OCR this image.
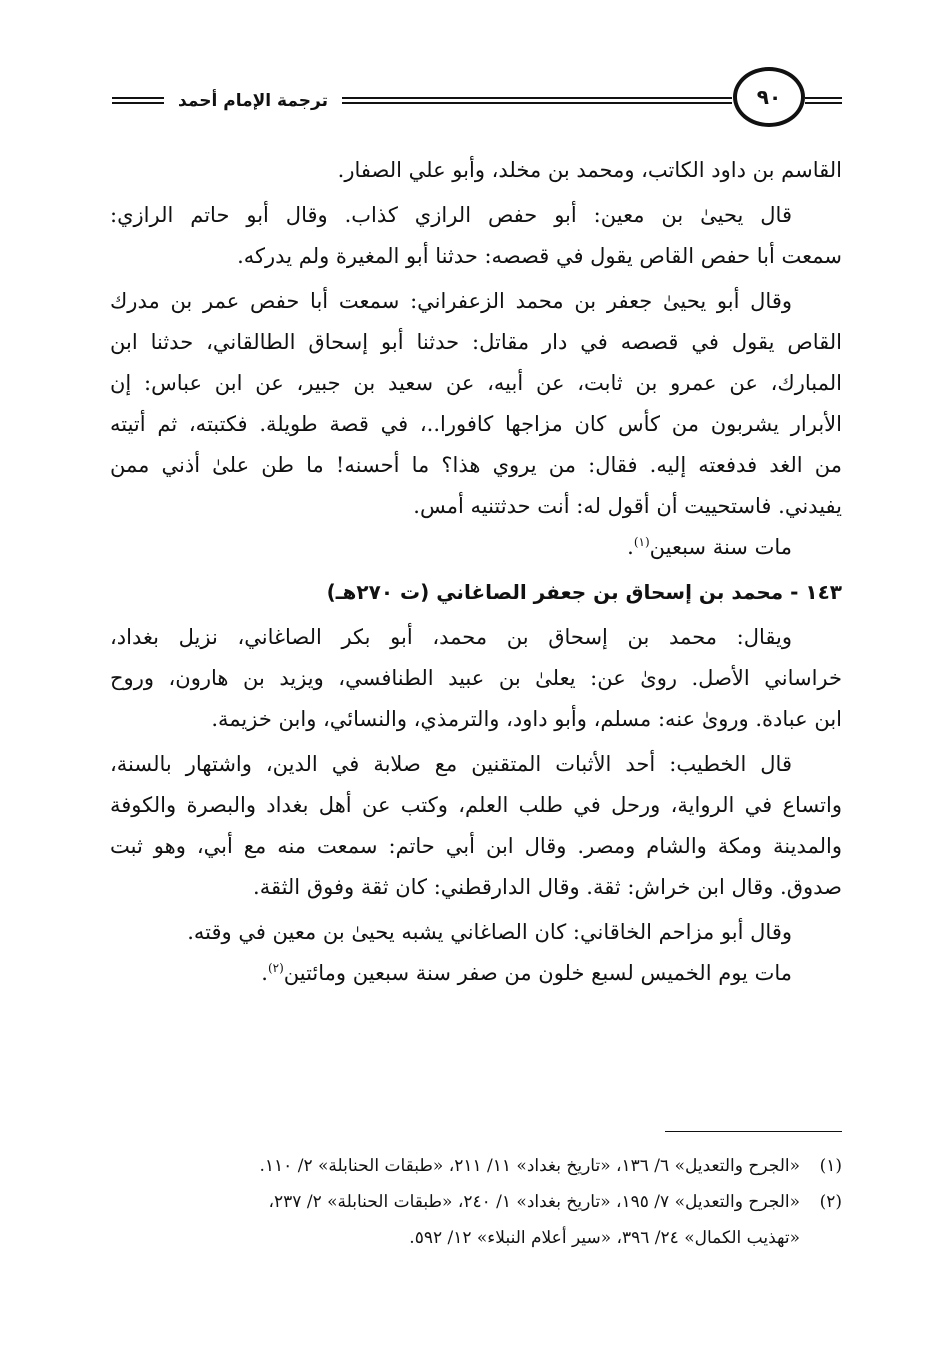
ترجمة الإمام أحمد	٩٠
القاسم بن داود الكاتب، ومحمد بن مخلد، وأبو علي الصفار.
قال يحيىٰ بن معين: أبو حفص الرازي كذاب. وقال أبو حاتم الرازي:
سمعت أبا حفص القاص يقول في قصصه: حدثنا أبو المغيرة ولم يدركه.
وقال أبو يحيىٰ جعفر بن محمد الزعفراني: سمعت أبا حفص عمر بن مدرك
القاص يقول في قصصه في دار مقاتل: حدثنا أبو إسحاق الطالقاني، حدثنا ابن
المبارك، عن عمرو بن ثابت، عن أبيه، عن سعيد بن جبير، عن ابن عباس: إن
الأبرار يشربون من كأس كان مزاجها كافورا..، في قصة طويلة. فكتبته، ثم أتيته
من الغد فدفعته إليه. فقال: من يروي هذا؟ ما أحسنه! ما طن علىٰ أذني ممن
يفيدني. فاستحييت أن أقول له: أنت حدثتنيه أمس.
مات سنة سبعين$^{(١)}$.
١٤٣ - محمد بن إسحاق بن جعفر الصاغاني (ت ٢٧٠هـ)
ويقال: محمد بن إسحاق بن محمد، أبو بكر الصاغاني، نزيل بغداد،
خراساني الأصل. روىٰ عن: يعلىٰ بن عبيد الطنافسي، ويزيد بن هارون، وروح
ابن عبادة. وروىٰ عنه: مسلم، وأبو داود، والترمذي، والنسائي، وابن خزيمة.
قال الخطيب: أحد الأثبات المتقنين مع صلابة في الدين، واشتهار بالسنة،
واتساع في الرواية، ورحل في طلب العلم، وكتب عن أهل بغداد والبصرة والكوفة
والمدينة ومكة والشام ومصر. وقال ابن أبي حاتم: سمعت منه مع أبي، وهو ثبت
صدوق. وقال ابن خراش: ثقة. وقال الدارقطني: كان ثقة وفوق الثقة.
وقال أبو مزاحم الخاقاني: كان الصاغاني يشبه يحيىٰ بن معين في وقته.
مات يوم الخميس لسبع خلون من صفر سنة سبعين ومائتين$^{(٢)}$.
(١)«الجرح والتعديل» ٦/ ١٣٦، «تاريخ بغداد» ١١/ ٢١١، «طبقات الحنابلة» ٢/ ١١٠.
(٢)«الجرح والتعديل» ٧/ ١٩٥، «تاريخ بغداد» ١/ ٢٤٠، «طبقات الحنابلة» ٢/ ٢٣٧،
«تهذيب الكمال» ٢٤/ ٣٩٦، «سير أعلام النبلاء» ١٢/ ٥٩٢.
